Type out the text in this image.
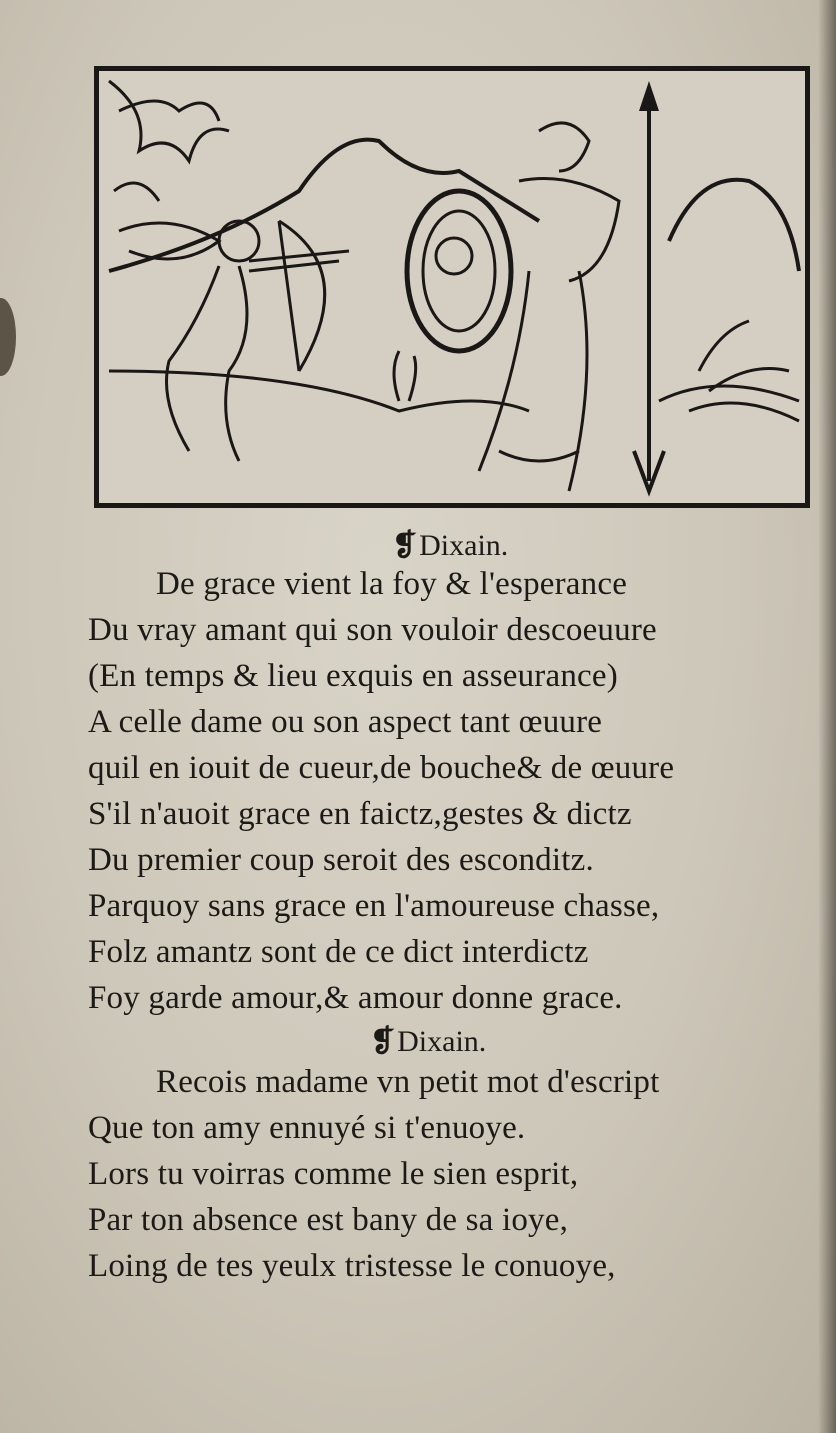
❡Dixain.
De grace vient la foy & l'esperance
Du vray amant qui son vouloir descoeuure
(En temps & lieu exquis en asseurance)
A celle dame ou son aspect tant œuure
quil en iouit de cueur,de bouche& de œuure
S'il n'auoit grace en faictz,gestes & dictz
Du premier coup seroit des esconditz.
Parquoy sans grace en l'amoureuse chasse,
Folz amantz sont de ce dict interdictz
Foy garde amour,& amour donne grace.
❡Dixain.
Recois madame vn petit mot d'escript
Que ton amy ennuyé si t'enuoye.
Lors tu voirras comme le sien esprit,
Par ton absence est bany de sa ioye,
Loing de tes yeulx tristesse le conuoye,
